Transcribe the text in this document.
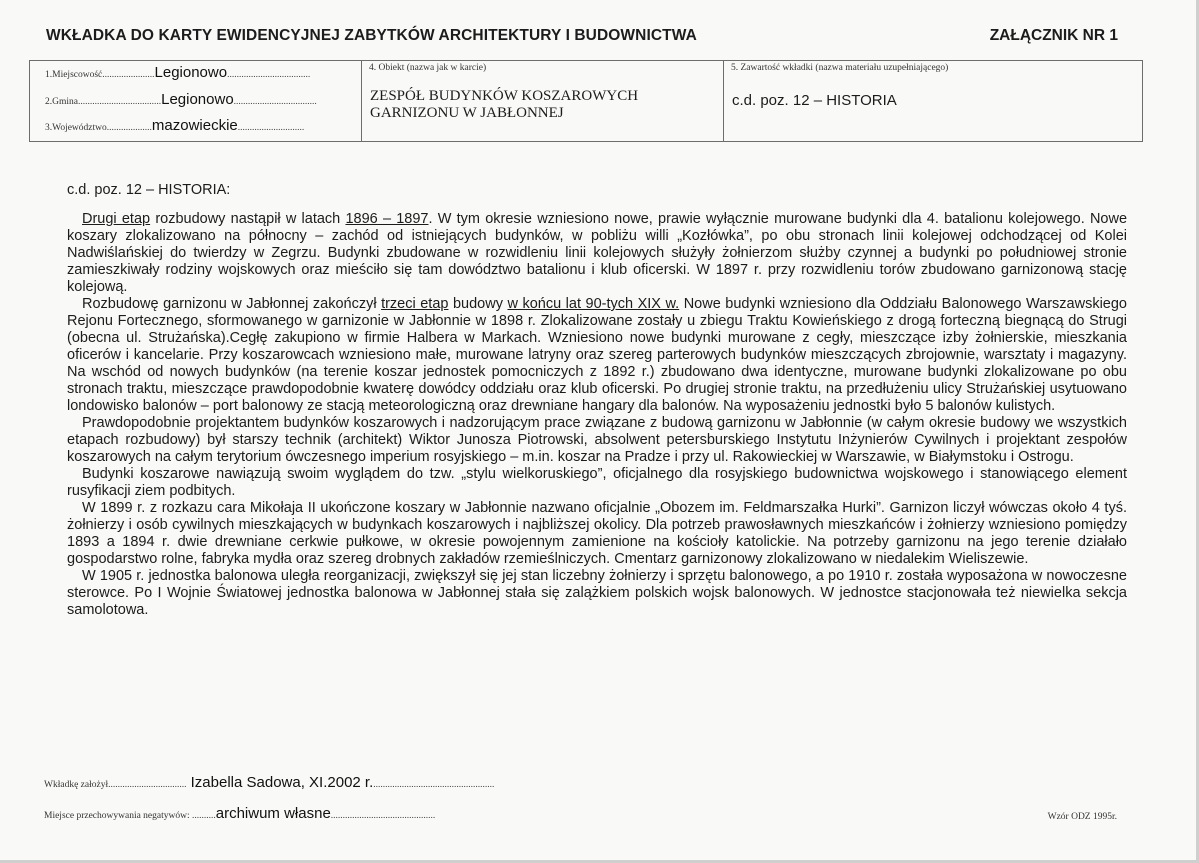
WKŁADKA DO KARTY EWIDENCYJNEJ ZABYTKÓW ARCHITEKTURY I BUDOWNICTWA	ZAŁĄCZNIK NR 1
1.Miejscowość......................Legionowo...................................
2.Gmina...................................Legionowo...................................
3.Województwo...................mazowieckie............................
4. Obiekt (nazwa jak w karcie)
ZESPÓŁ BUDYNKÓW KOSZAROWYCH GARNIZONU W JABŁONNEJ
5. Zawartość wkładki (nazwa materiału uzupełniającego)
c.d. poz. 12 – HISTORIA
c.d. poz. 12 – HISTORIA:

Drugi etap rozbudowy nastąpił w latach 1896 – 1897. W tym okresie wzniesiono nowe, prawie wyłącznie murowane budynki dla 4. batalionu kolejowego. Nowe koszary zlokalizowano na północny – zachód od istniejących budynków, w pobliżu willi „Kozłówka”, po obu stronach linii kolejowej odchodzącej od Kolei Nadwiślańskiej do twierdzy w Zegrzu. Budynki zbudowane w rozwidleniu linii kolejowych służyły żołnierzom służby czynnej a budynki po południowej stronie zamieszkiwały rodziny wojskowych oraz mieściło się tam dowództwo batalionu i klub oficerski. W 1897 r. przy rozwidleniu torów zbudowano garnizonową stację kolejową.

Rozbudowę garnizonu w Jabłonnej zakończył trzeci etap budowy w końcu lat 90-tych XIX w. Nowe budynki wzniesiono dla Oddziału Balonowego Warszawskiego Rejonu Fortecznego, sformowanego w garnizonie w Jabłonnie w 1898 r. Zlokalizowane zostały u zbiegu Traktu Kowieńskiego z drogą forteczną biegnącą do Strugi (obecna ul. Strużańska).Cegłę zakupiono w firmie Halbera w Markach. Wzniesiono nowe budynki murowane z cegły, mieszczące izby żołnierskie, mieszkania oficerów i kancelarie. Przy koszarowcach wzniesiono małe, murowane latryny oraz szereg parterowych budynków mieszczących zbrojownie, warsztaty i magazyny. Na wschód od nowych budynków (na terenie koszar jednostek pomocniczych z 1892 r.) zbudowano dwa identyczne, murowane budynki zlokalizowane po obu stronach traktu, mieszczące prawdopodobnie kwaterę dowódcy oddziału oraz klub oficerski. Po drugiej stronie traktu, na przedłużeniu ulicy Strużańskiej usytuowano londowisko balonów – port balonowy ze stacją meteorologiczną oraz drewniane hangary dla balonów. Na wyposażeniu jednostki było 5 balonów kulistych.

Prawdopodobnie projektantem budynków koszarowych i nadzorującym prace związane z budową garnizonu w Jabłonnie (w całym okresie budowy we wszystkich etapach rozbudowy) był starszy technik (architekt) Wiktor Junosza Piotrowski, absolwent petersburskiego Instytutu Inżynierów Cywilnych i projektant zespołów koszarowych na całym terytorium ówczesnego imperium rosyjskiego – m.in. koszar na Pradze i przy ul. Rakowieckiej w Warszawie, w Białymstoku i Ostrogu.

Budynki koszarowe nawiązują swoim wyglądem do tzw. „stylu wielkoruskiego”, oficjalnego dla rosyjskiego budownictwa wojskowego i stanowiącego element rusyfikacji ziem podbitych.

W 1899 r. z rozkazu cara Mikołaja II ukończone koszary w Jabłonnie nazwano oficjalnie „Obozem im. Feldmarszałka Hurki”. Garnizon liczył wówczas około 4 tyś. żołnierzy i osób cywilnych mieszkających w budynkach koszarowych i najbliższej okolicy. Dla potrzeb prawosławnych mieszkańców i żołnierzy wzniesiono pomiędzy 1893 a 1894 r. dwie drewniane cerkwie pułkowe, w okresie powojennym zamienione na kościoły katolickie. Na potrzeby garnizonu na jego terenie działało gospodarstwo rolne, fabryka mydła oraz szereg drobnych zakładów rzemieślniczych. Cmentarz garnizonowy zlokalizowano w niedalekim Wieliszewie.

W 1905 r. jednostka balonowa uległa reorganizacji, zwiększył się jej stan liczebny żołnierzy i sprzętu balonowego, a po 1910 r. została wyposażona w nowoczesne sterowce. Po I Wojnie Światowej jednostka balonowa w Jabłonnej stała się zalążkiem polskich wojsk balonowych. W jednostce stacjonowała też niewielka sekcja samolotowa.

Wkładkę założył................................. Izabella Sadowa, XI.2002 r....................................................
Miejsce przechowywania negatywów: ..........archiwum własne............................................	Wzór ODZ 1995r.
